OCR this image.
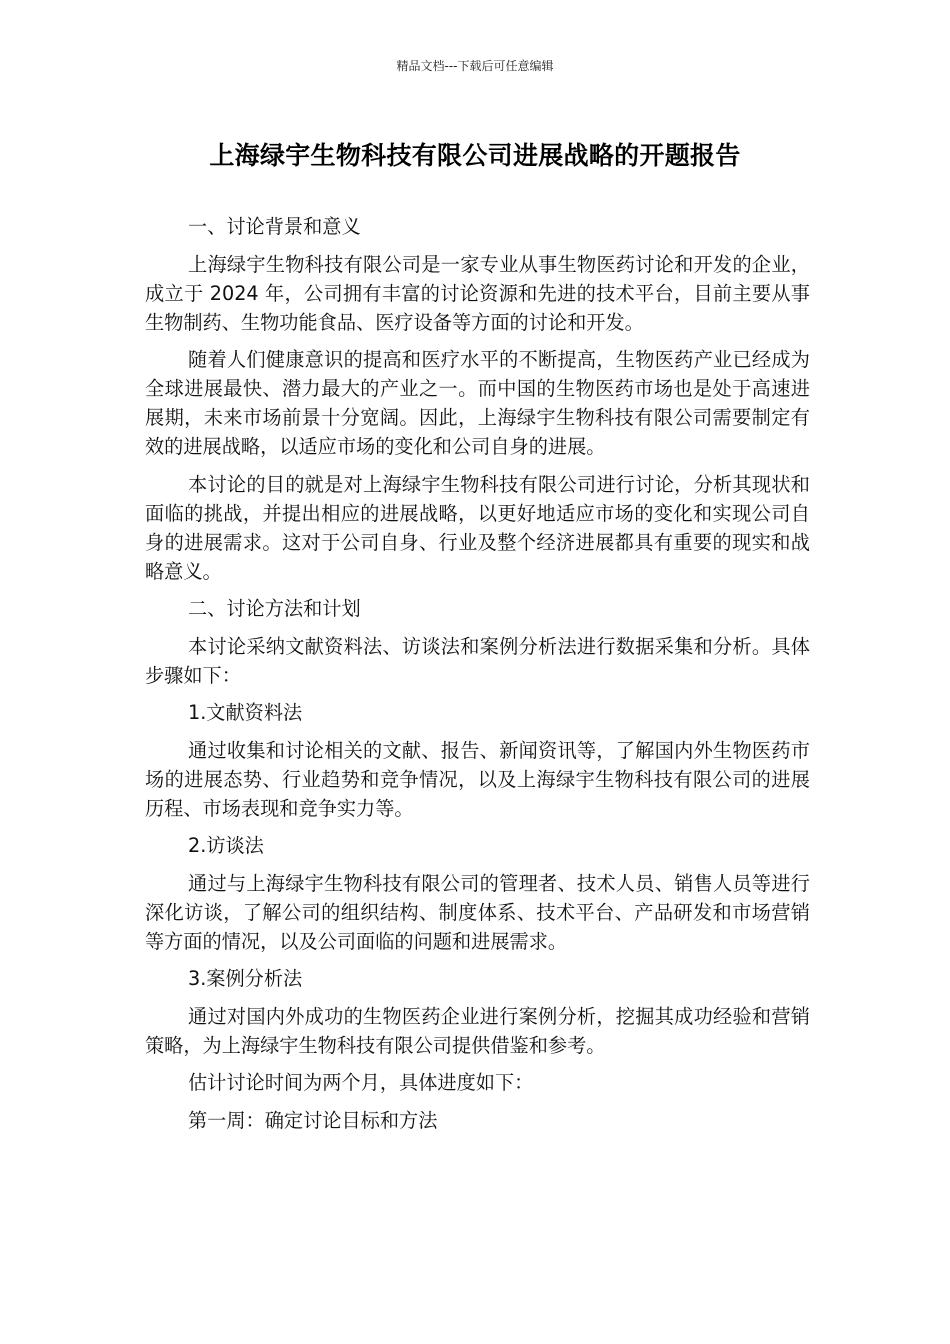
精品文档---下载后可任意编辑
上海绿宇生物科技有限公司进展战略的开题报告

一、讨论背景和意义

上海绿宇生物科技有限公司是一家专业从事生物医药讨论和开发的企业，成立于 2024 年，公司拥有丰富的讨论资源和先进的技术平台，目前主要从事生物制药、生物功能食品、医疗设备等方面的讨论和开发。

随着人们健康意识的提高和医疗水平的不断提高，生物医药产业已经成为全球进展最快、潜力最大的产业之一。而中国的生物医药市场也是处于高速进展期，未来市场前景十分宽阔。因此，上海绿宇生物科技有限公司需要制定有效的进展战略，以适应市场的变化和公司自身的进展。

本讨论的目的就是对上海绿宇生物科技有限公司进行讨论，分析其现状和面临的挑战，并提出相应的进展战略，以更好地适应市场的变化和实现公司自身的进展需求。这对于公司自身、行业及整个经济进展都具有重要的现实和战略意义。

二、讨论方法和计划

本讨论采纳文献资料法、访谈法和案例分析法进行数据采集和分析。具体步骤如下：

1.文献资料法

通过收集和讨论相关的文献、报告、新闻资讯等，了解国内外生物医药市场的进展态势、行业趋势和竞争情况，以及上海绿宇生物科技有限公司的进展历程、市场表现和竞争实力等。

2.访谈法

通过与上海绿宇生物科技有限公司的管理者、技术人员、销售人员等进行深化访谈，了解公司的组织结构、制度体系、技术平台、产品研发和市场营销等方面的情况，以及公司面临的问题和进展需求。

3.案例分析法

通过对国内外成功的生物医药企业进行案例分析，挖掘其成功经验和营销策略，为上海绿宇生物科技有限公司提供借鉴和参考。

估计讨论时间为两个月，具体进度如下：

第一周：确定讨论目标和方法
